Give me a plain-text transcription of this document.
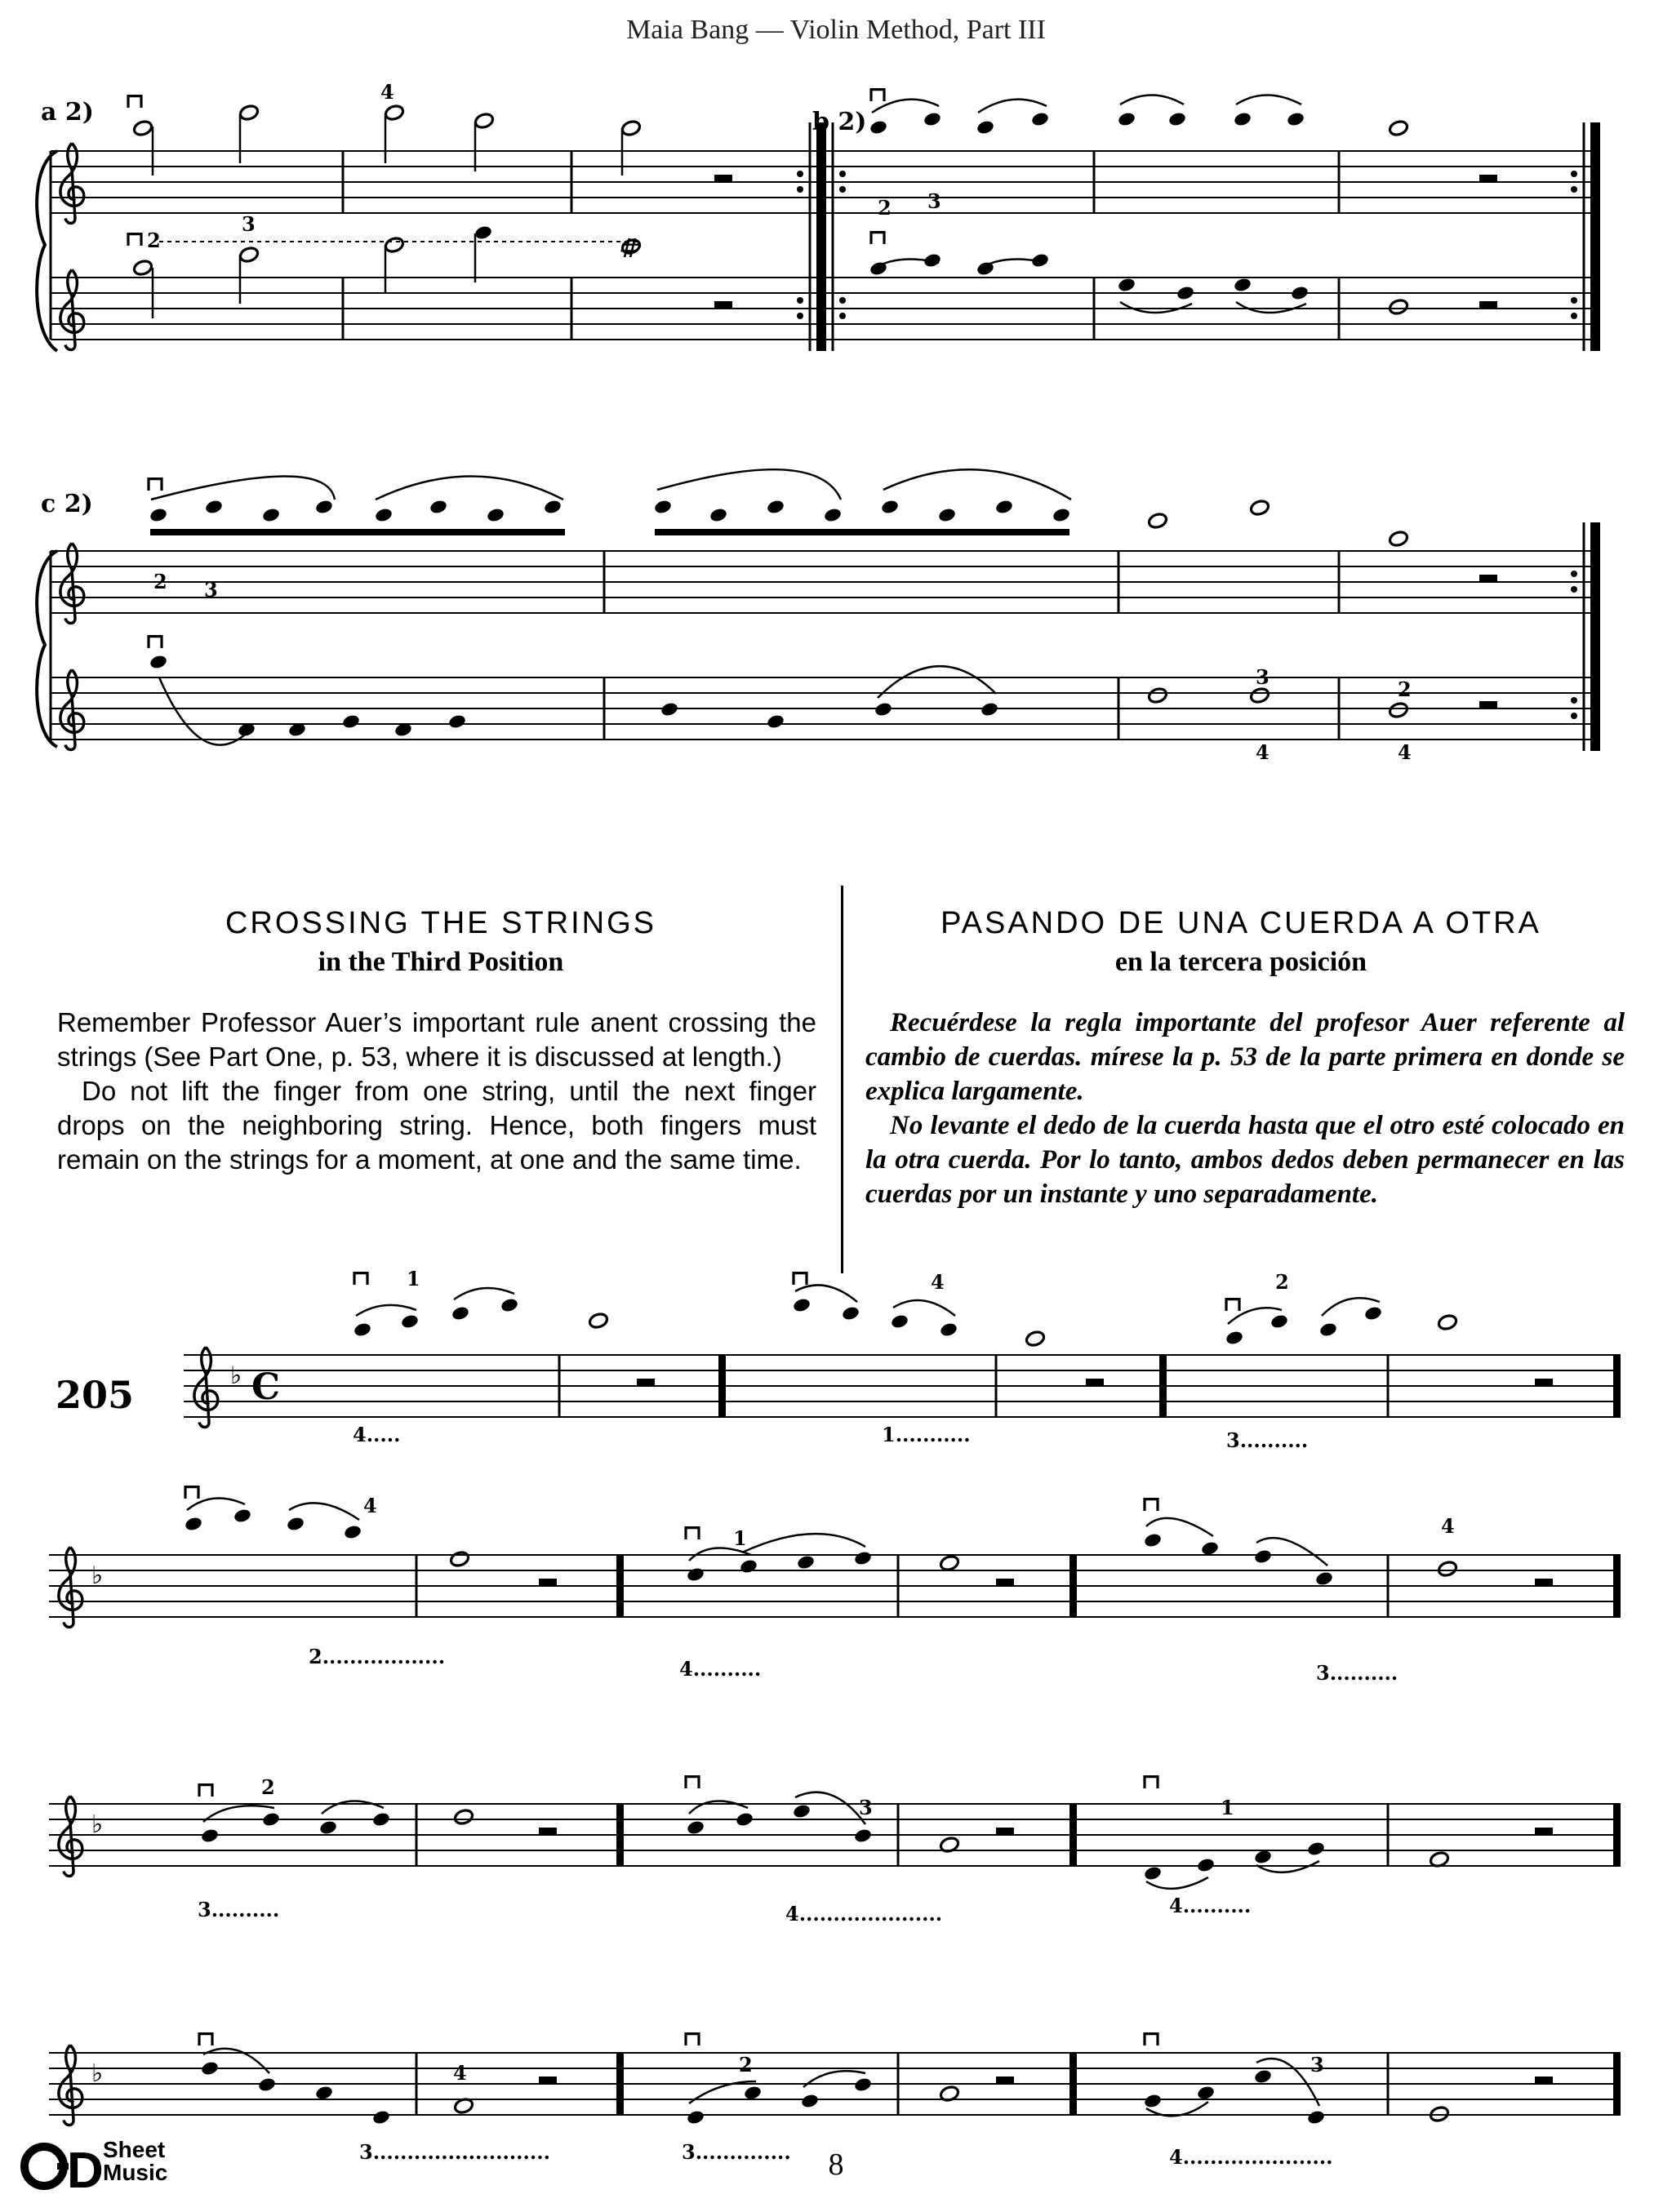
Maia Bang — Violin Method, Part III
#
♭
♭
♭
♭
C
2
3
4
2 3
2 3
3
4
2
4
1	4
4.....	1...........
2
3..........
4
2..................
1
4..........
4
3..........
2
3..........
3
4.....................
1
4..........
4
3..........................
2
3..............
3
4......................
a 2)	b 2)
c 2)
CROSSING THE STRINGS
in the Third Position

Remember Professor Auer’s important rule anent crossing the strings (See Part One, p. 53, where it is discussed at length.)

Do not lift the finger from one string, until the next finger drops on the neighboring string. Hence, both fingers must remain on the strings for a moment, at one and the same time.

PASANDO DE UNA CUERDA A OTRA
en la tercera posición

Recuérdese la regla importante del profesor Auer referente al cambio de cuerdas. mírese la p. 53 de la parte primera en donde se explica largamente.

No levante el dedo de la cuerda hasta que el otro esté colocado en la otra cuerda. Por lo tanto, ambos dedos deben permanecer en las cuerdas por un instante y uno separadamente.

205
D Sheet
Music	8
